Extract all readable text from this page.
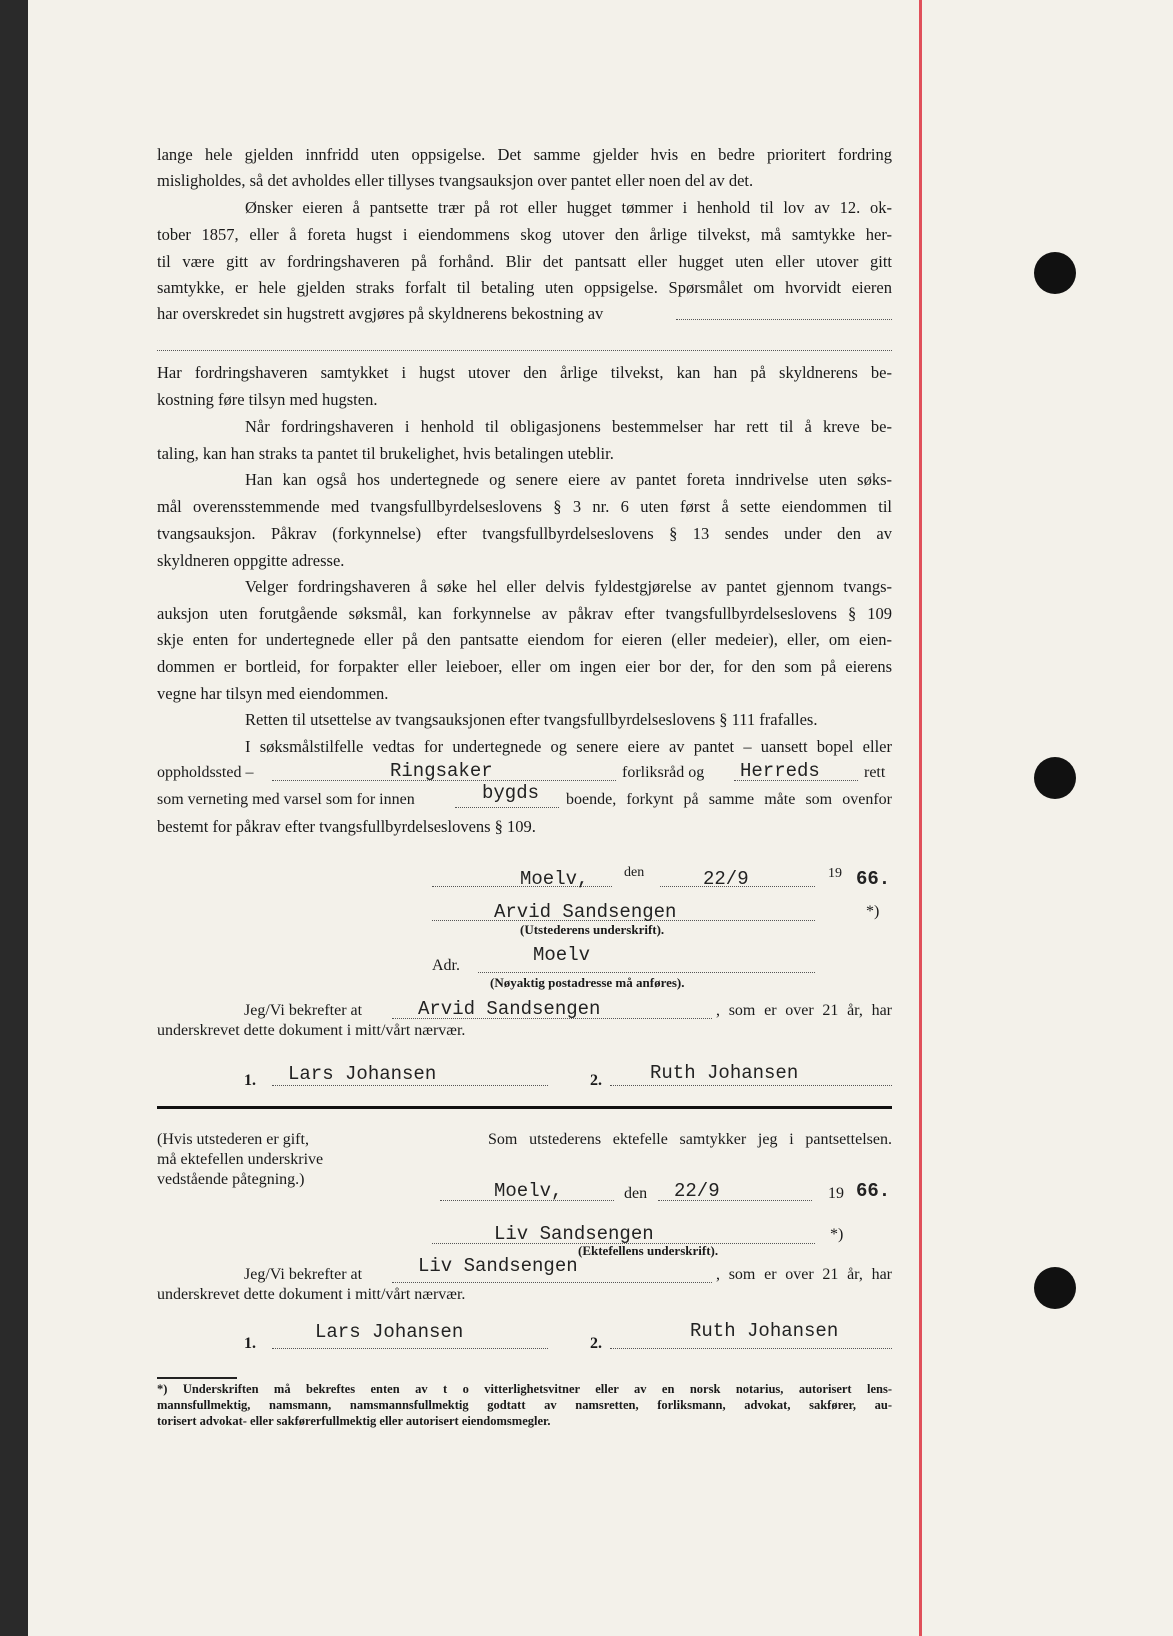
lange hele gjelden innfridd uten oppsigelse. Det samme gjelder hvis en bedre prioritert fordring
misligholdes, så det avholdes eller tillyses tvangsauksjon over pantet eller noen del av det.
Ønsker eieren å pantsette trær på rot eller hugget tømmer i henhold til lov av 12. ok-
tober 1857, eller å foreta hugst i eiendommens skog utover den årlige tilvekst, må samtykke her-
til være gitt av fordringshaveren på forhånd. Blir det pantsatt eller hugget uten eller utover gitt
samtykke, er hele gjelden straks forfalt til betaling uten oppsigelse. Spørsmålet om hvorvidt eieren
har overskredet sin hugstrett avgjøres på skyldnerens bekostning av
Har fordringshaveren samtykket i hugst utover den årlige tilvekst, kan han på skyldnerens be-
kostning føre tilsyn med hugsten.
Når fordringshaveren i henhold til obligasjonens bestemmelser har rett til å kreve be-
taling, kan han straks ta pantet til brukelighet, hvis betalingen uteblir.
Han kan også hos undertegnede og senere eiere av pantet foreta inndrivelse uten søks-
mål overensstemmende med tvangsfullbyrdelseslovens § 3 nr. 6 uten først å sette eiendommen til
tvangsauksjon. Påkrav (forkynnelse) efter tvangsfullbyrdelseslovens § 13 sendes under den av
skyldneren oppgitte adresse.
Velger fordringshaveren å søke hel eller delvis fyldestgjørelse av pantet gjennom tvangs-
auksjon uten forutgående søksmål, kan forkynnelse av påkrav efter tvangsfullbyrdelseslovens § 109
skje enten for undertegnede eller på den pantsatte eiendom for eieren (eller medeier), eller, om eien-
dommen er bortleid, for forpakter eller leieboer, eller om ingen eier bor der, for den som på eierens
vegne har tilsyn med eiendommen.
Retten til utsettelse av tvangsauksjonen efter tvangsfullbyrdelseslovens § 111 frafalles.
I søksmålstilfelle vedtas for undertegnede og senere eiere av pantet – uansett bopel eller
oppholdssted –	Ringsaker	forliksråd og Herreds	rett
som verneting med varsel som for innen	bygds boende, forkynt på samme måte som ovenfor
bestemt for påkrav efter tvangsfullbyrdelseslovens § 109.
Moelv,	den	22/9	19 66.
Arvid Sandsengen	*)
(Utstederens underskrift).
Adr.	Moelv
(Nøyaktig postadresse må anføres).
Jeg/Vi bekrefter at	Arvid Sandsengen	, som er over 21 år, har
underskrevet dette dokument i mitt/vårt nærvær.
1. Lars Johansen	2.	Ruth Johansen
(Hvis utstederen er gift,
må ektefellen underskrive
vedstående påtegning.)
Som utstederens ektefelle samtykker jeg i pantsettelsen.
Moelv,	den 22/9	19 66.
Liv Sandsengen	*)
(Ektefellens underskrift).
Jeg/Vi bekrefter at	Liv Sandsengen	, som er over 21 år, har
underskrevet dette dokument i mitt/vårt nærvær.
1.
Lars Johansen
2.
Ruth Johansen
*) Underskriften må bekreftes enten av t o vitterlighetsvitner eller av en norsk notarius, autorisert lens-
mannsfullmektig, namsmann, namsmannsfullmektig godtatt av namsretten, forliksmann, advokat, sakfører, au-
torisert advokat- eller sakførerfullmektig eller autorisert eiendomsmegler.
